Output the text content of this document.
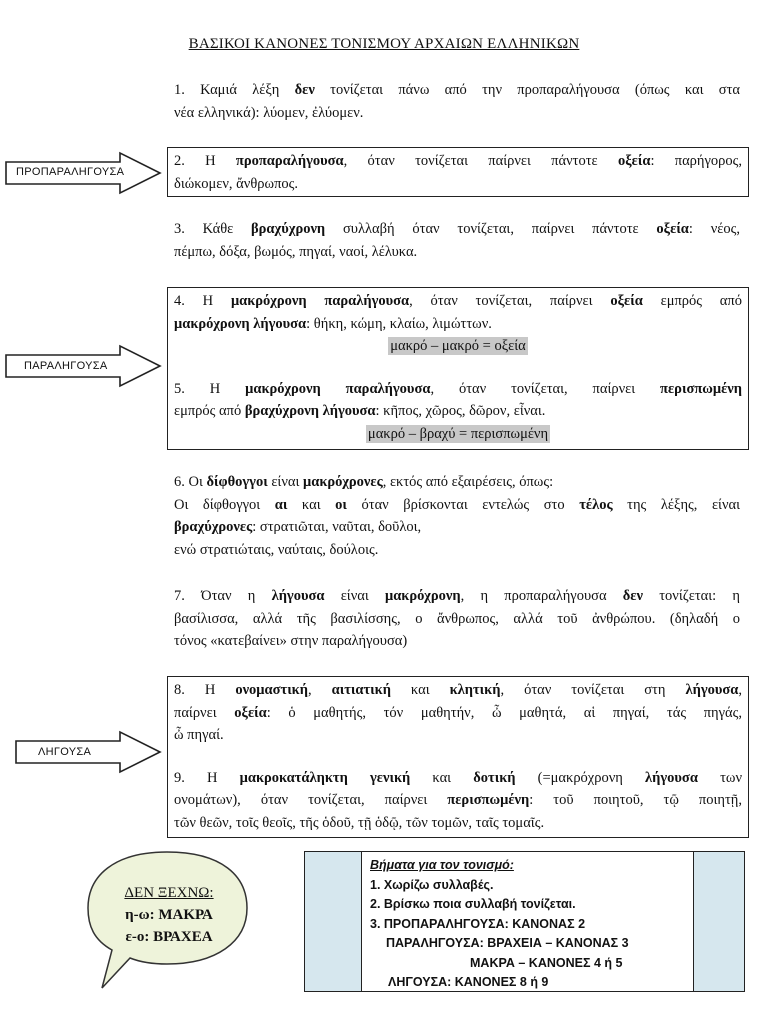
ΒΑΣΙΚΟΙ ΚΑΝΟΝΕΣ ΤΟΝΙΣΜΟΥ ΑΡΧΑΙΩΝ ΕΛΛΗΝΙΚΩΝ

1. Καμιά λέξη δεν τονίζεται πάνω από την προπαραλήγουσα (όπως και στα

νέα ελληνικά): λύομεν, ἐλύομεν.

ΠΡΟΠΑΡΑΛΗΓΟΥΣΑ

2. Η προπαραλήγουσα, όταν τονίζεται παίρνει πάντοτε οξεία: παρήγορος,

διώκομεν, ἄνθρωπος.

3. Κάθε βραχύχρονη συλλαβή όταν τονίζεται, παίρνει πάντοτε οξεία: νέος,

πέμπω, δόξα, βωμός, πηγαί, ναοί, λέλυκα.

ΠΑΡΑΛΗΓΟΥΣΑ

4. Η μακρόχρονη παραλήγουσα, όταν τονίζεται, παίρνει οξεία εμπρός από

μακρόχρονη λήγουσα: θήκη, κώμη, κλαίω, λιμώττων.

μακρό – μακρό = οξεία

5. Η μακρόχρονη παραλήγουσα, όταν τονίζεται, παίρνει περισπωμένη

εμπρός από βραχύχρονη λήγουσα: κῆπος, χῶρος, δῶρον, εἶναι.

μακρό – βραχύ = περισπωμένη

6. Οι δίφθογγοι είναι μακρόχρονες, εκτός από εξαιρέσεις, όπως:

Οι δίφθογγοι αι και οι όταν βρίσκονται εντελώς στο τέλος της λέξης, είναι

βραχύχρονες: στρατιῶται, ναῦται, δοῦλοι,

ενώ στρατιώταις, ναύταις, δούλοις.

7. Όταν η λήγουσα είναι μακρόχρονη, η προπαραλήγουσα δεν τονίζεται: η

βασίλισσα, αλλά τῆς βασιλίσσης, ο ἄνθρωπος, αλλά τοῦ ἀνθρώπου. (δηλαδή ο

τόνος «κατεβαίνει» στην παραλήγουσα)

ΛΗΓΟΥΣΑ

8. Η ονομαστική, αιτιατική και κλητική, όταν τονίζεται στη λήγουσα,

παίρνει οξεία: ὁ μαθητής, τόν μαθητήν, ὦ μαθητά, αἱ πηγαί, τάς πηγάς,

ὦ πηγαί.

9. Η μακροκατάληκτη γενική και δοτική (=μακρόχρονη λήγουσα των

ονομάτων), όταν τονίζεται, παίρνει περισπωμένη: τοῦ ποιητοῦ, τῷ ποιητῇ,

τῶν θεῶν, τοῖς θεοῖς, τῆς ὁδοῦ, τῇ ὁδῷ, τῶν τομῶν, ταῖς τομαῖς.

ΔΕΝ ΞΕΧΝΩ:
η-ω: ΜΑΚΡΑ
ε-ο: ΒΡΑΧΕΑ
Βήματα για τον τονισμό:
1. Χωρίζω συλλαβές.
2. Βρίσκω ποια συλλαβή τονίζεται.
3. ΠΡΟΠΑΡΑΛΗΓΟΥΣΑ: ΚΑΝΟΝΑΣ 2
ΠΑΡΑΛΗΓΟΥΣΑ: ΒΡΑΧΕΙΑ – ΚΑΝΟΝΑΣ 3
ΜΑΚΡΑ – ΚΑΝΟΝΕΣ 4 ή 5
ΛΗΓΟΥΣΑ: ΚΑΝΟΝΕΣ 8 ή 9
